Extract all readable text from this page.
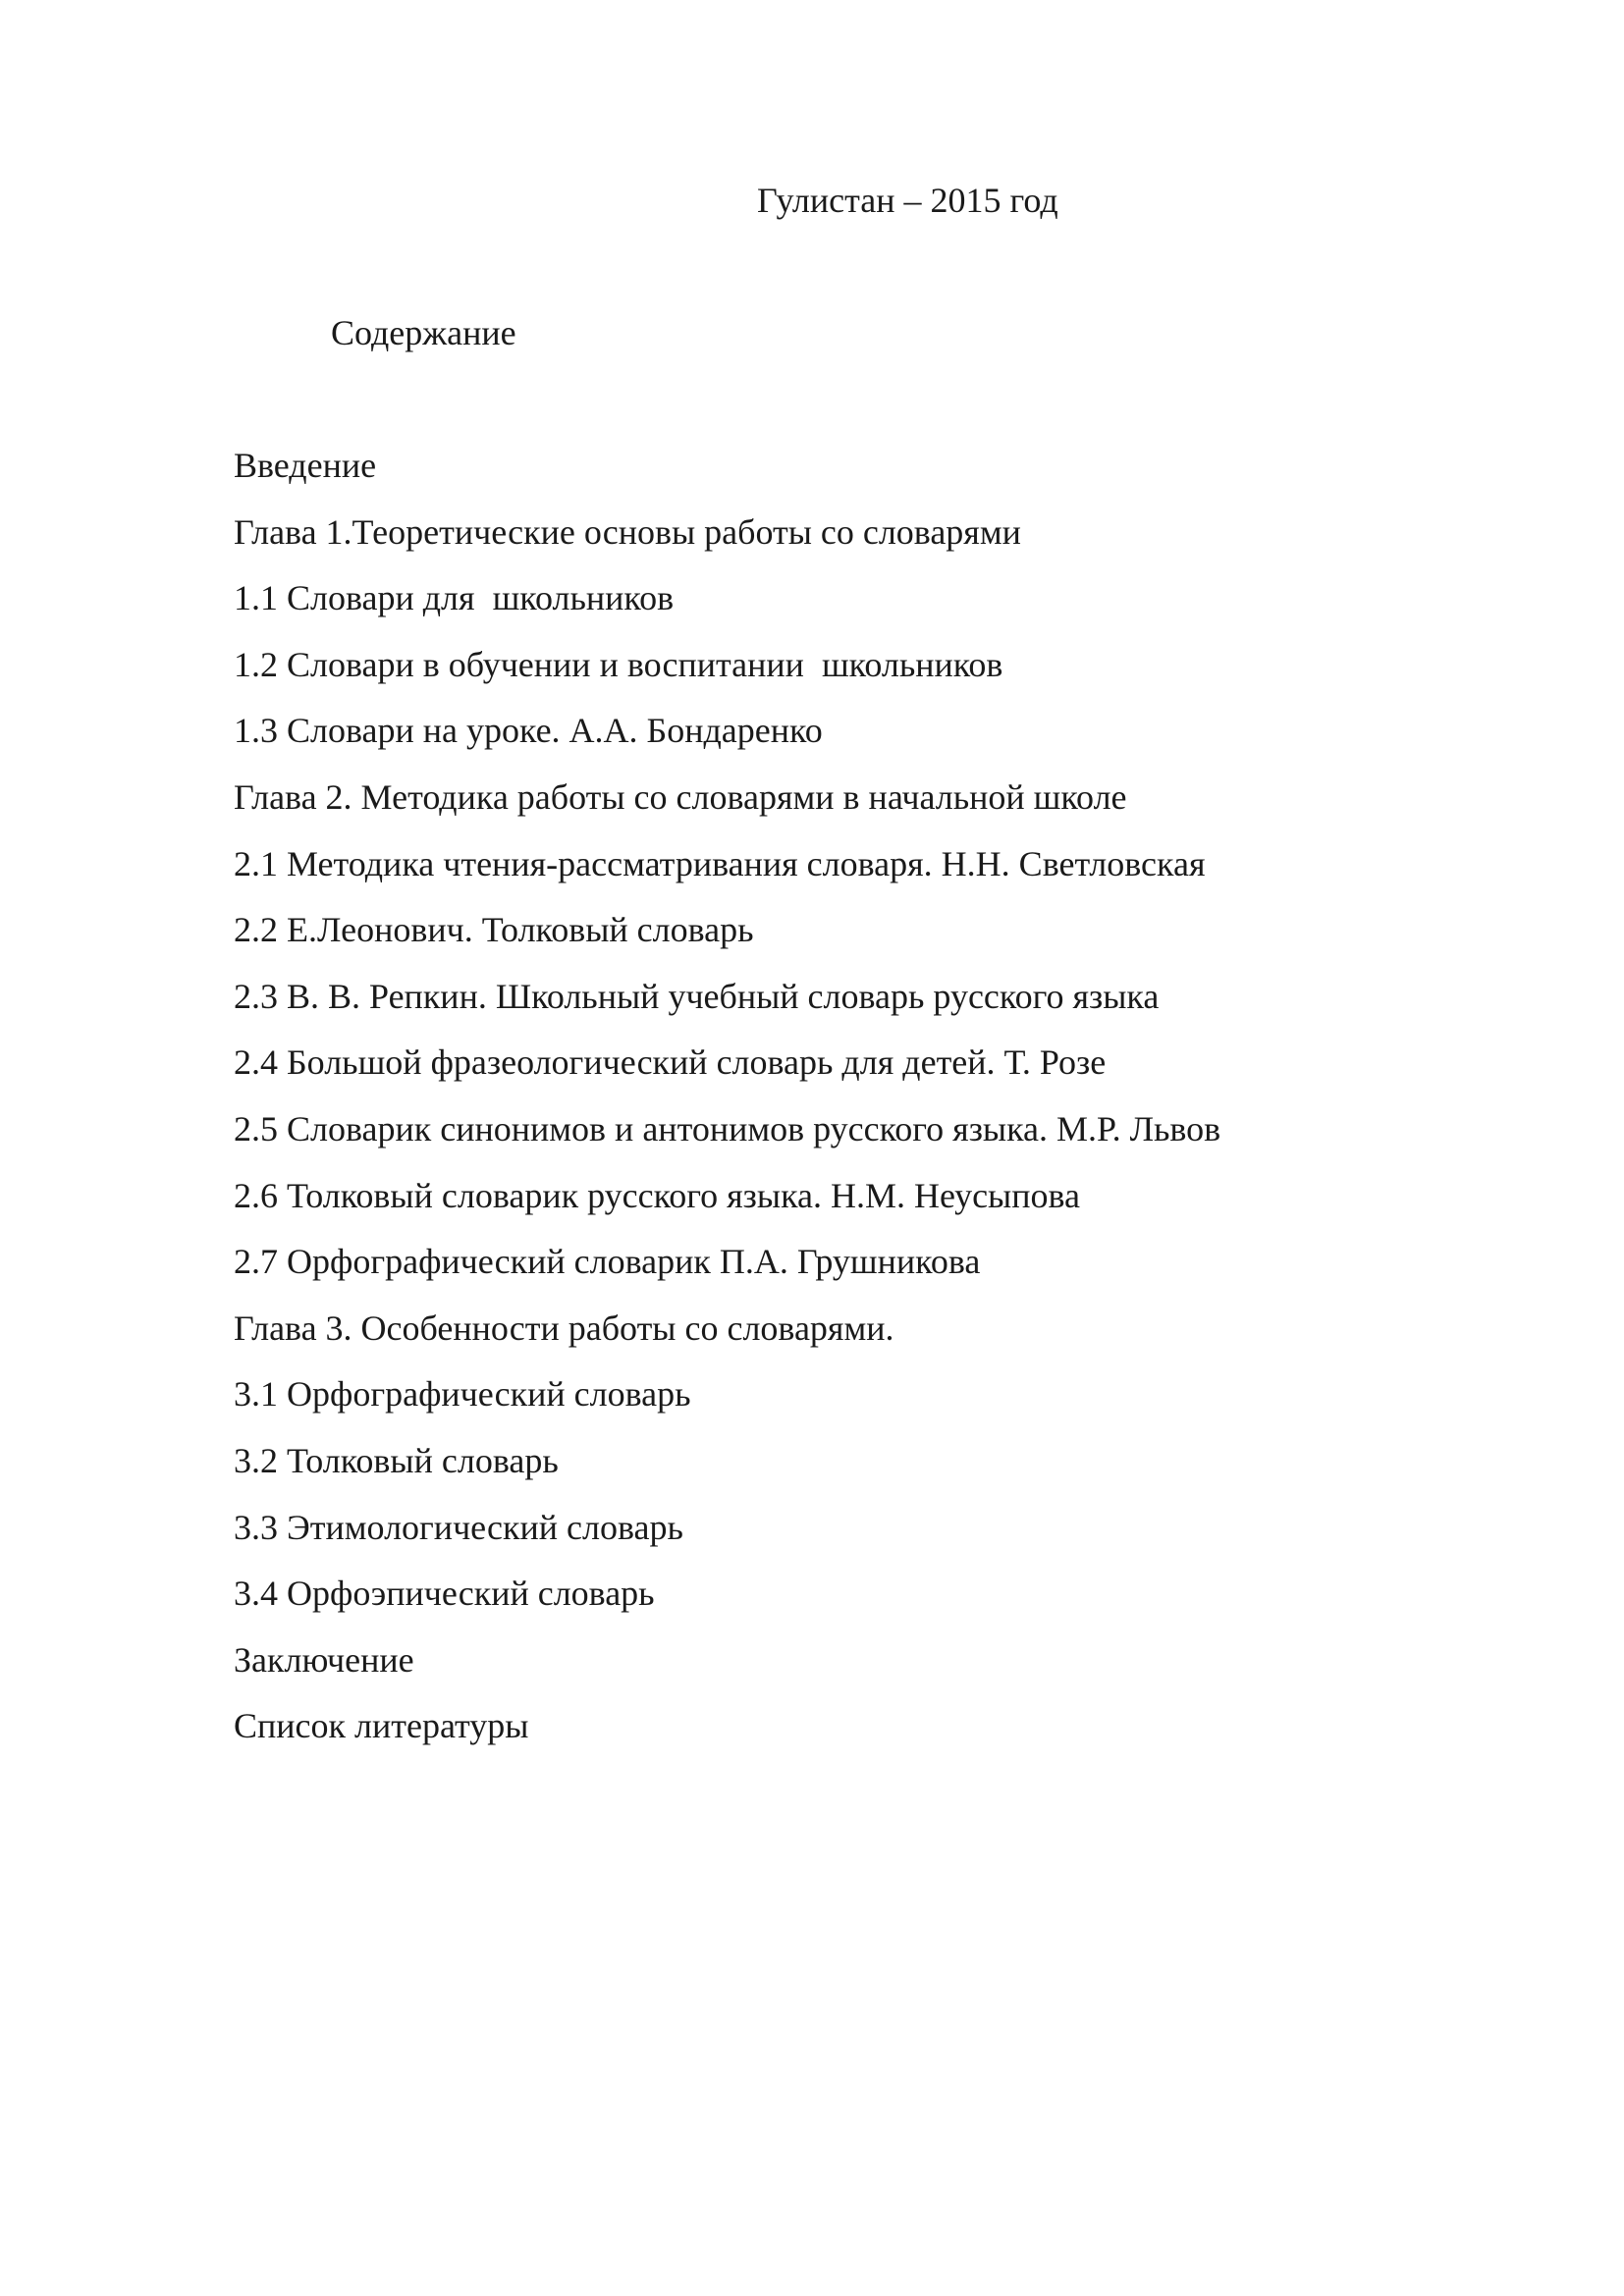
Гулистан – 2015 год
Содержание
Введение
Глава 1.Теоретические основы работы со словарями
1.1 Словари для  школьников
1.2 Словари в обучении и воспитании  школьников
1.3 Словари на уроке. А.А. Бондаренко
Глава 2. Методика работы со словарями в начальной школе
2.1 Методика чтения-рассматривания словаря. Н.Н. Светловская
2.2 Е.Леонович. Толковый словарь
2.3 В. В. Репкин. Школьный учебный словарь русского языка
2.4 Большой фразеологический словарь для детей. Т. Розе
2.5 Словарик синонимов и антонимов русского языка. М.Р. Львов
2.6 Толковый словарик русского языка. Н.М. Неусыпова
2.7 Орфографический словарик П.А. Грушникова
Глава 3. Особенности работы со словарями.
3.1 Орфографический словарь
3.2 Толковый словарь
3.3 Этимологический словарь
3.4 Орфоэпический словарь
Заключение
Список литературы
